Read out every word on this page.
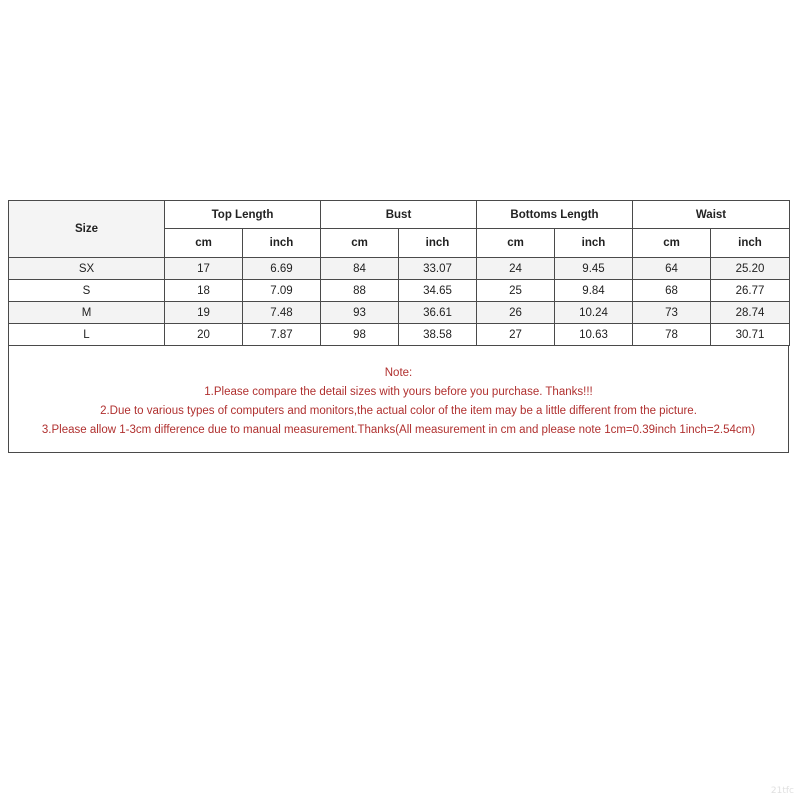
Size	Top Length		Bust		Bottoms Length		Waist	
	cm	inch	cm	inch	cm	inch	cm	inch
SX	17	6.69	84	33.07	24	9.45	64	25.20
S	18	7.09	88	34.65	25	9.84	68	26.77
M	19	7.48	93	36.61	26	10.24	73	28.74
L	20	7.87	98	38.58	27	10.63	78	30.71
Note:
1.Please compare the detail sizes with yours before you purchase. Thanks!!!
2.Due to various types of computers and monitors,the actual color of the item may be a little different from the picture.
3.Please allow 1-3cm difference due to manual measurement.Thanks(All measurement in cm and please note 1cm=0.39inch 1inch=2.54cm)
21tfc
